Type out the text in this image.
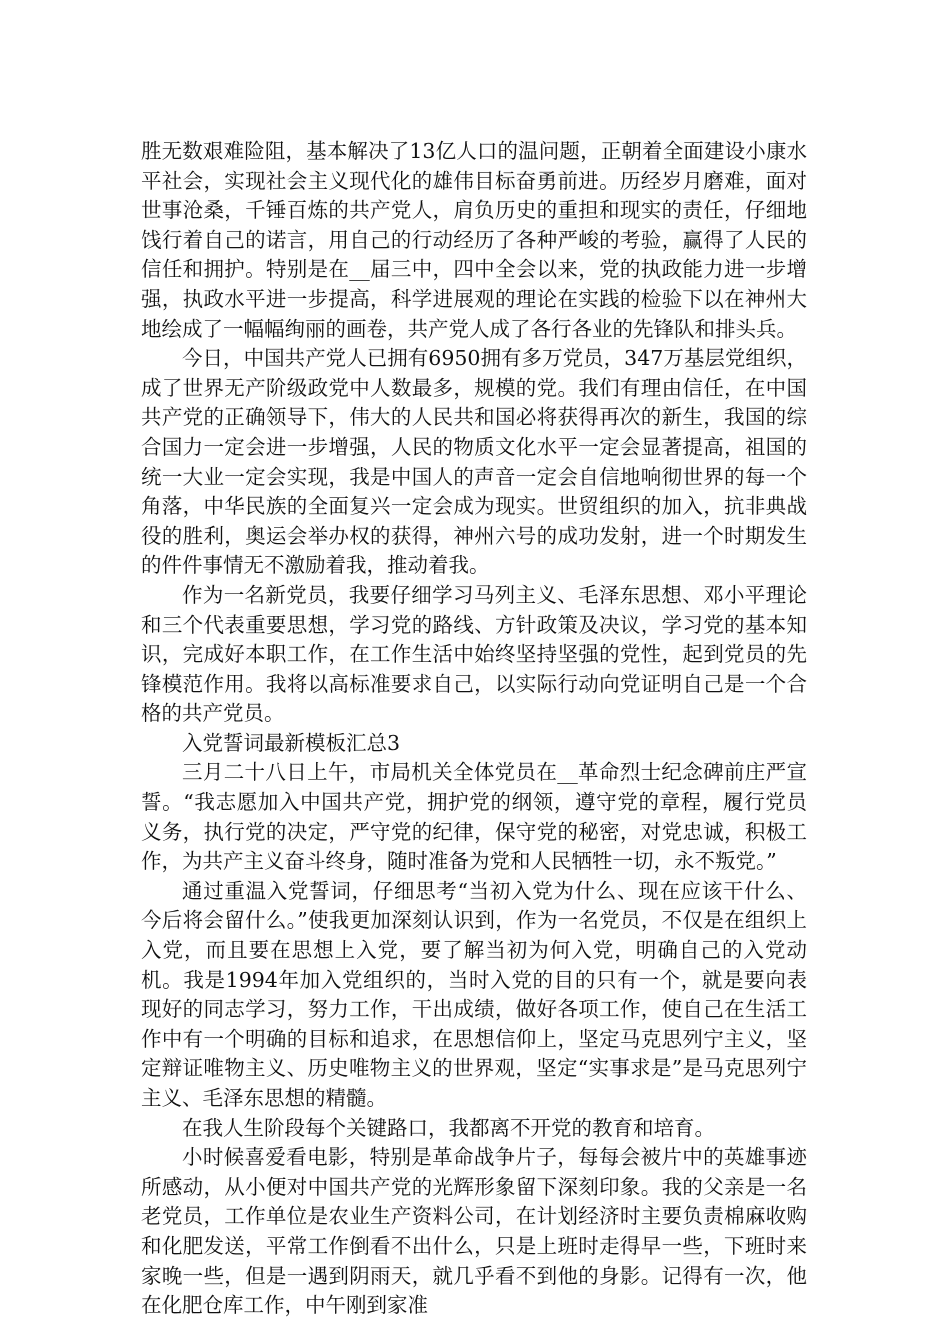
胜无数艰难险阻，基本解决了13亿人口的温问题，正朝着全面建设小康水平社会，实现社会主义现代化的雄伟目标奋勇前进。历经岁月磨难，面对世事沧桑，千锤百炼的共产党人，肩负历史的重担和现实的责任，仔细地饯行着自己的诺言，用自己的行动经历了各种严峻的考验，赢得了人民的信任和拥护。特别是在__届三中，四中全会以来，党的执政能力进一步增强，执政水平进一步提高，科学进展观的理论在实践的检验下以在神州大地绘成了一幅幅绚丽的画卷，共产党人成了各行各业的先锋队和排头兵。

今日，中国共产党人已拥有6950拥有多万党员，347万基层党组织，成了世界无产阶级政党中人数最多，规模的党。我们有理由信任，在中国共产党的正确领导下，伟大的人民共和国必将获得再次的新生，我国的综合国力一定会进一步增强，人民的物质文化水平一定会显著提高，祖国的统一大业一定会实现，我是中国人的声音一定会自信地响彻世界的每一个角落，中华民族的全面复兴一定会成为现实。世贸组织的加入，抗非典战役的胜利，奥运会举办权的获得，神州六号的成功发射，进一个时期发生的件件事情无不激励着我，推动着我。

作为一名新党员，我要仔细学习马列主义、毛泽东思想、邓小平理论和三个代表重要思想，学习党的路线、方针政策及决议，学习党的基本知识，完成好本职工作，在工作生活中始终坚持坚强的党性，起到党员的先锋模范作用。我将以高标准要求自己，以实际行动向党证明自己是一个合格的共产党员。

入党誓词最新模板汇总3

三月二十八日上午，市局机关全体党员在__革命烈士纪念碑前庄严宣誓。“我志愿加入中国共产党，拥护党的纲领，遵守党的章程，履行党员义务，执行党的决定，严守党的纪律，保守党的秘密，对党忠诚，积极工作，为共产主义奋斗终身，随时准备为党和人民牺牲一切，永不叛党。”

通过重温入党誓词，仔细思考“当初入党为什么、现在应该干什么、今后将会留什么。”使我更加深刻认识到，作为一名党员，不仅是在组织上入党，而且要在思想上入党，要了解当初为何入党，明确自己的入党动机。我是1994年加入党组织的，当时入党的目的只有一个，就是要向表现好的同志学习，努力工作，干出成绩，做好各项工作，使自己在生活工作中有一个明确的目标和追求，在思想信仰上，坚定马克思列宁主义，坚定辩证唯物主义、历史唯物主义的世界观，坚定“实事求是”是马克思列宁主义、毛泽东思想的精髓。

在我人生阶段每个关键路口，我都离不开党的教育和培育。

小时候喜爱看电影，特别是革命战争片子，每每会被片中的英雄事迹所感动，从小便对中国共产党的光辉形象留下深刻印象。我的父亲是一名老党员，工作单位是农业生产资料公司，在计划经济时主要负责棉麻收购和化肥发送，平常工作倒看不出什么，只是上班时走得早一些，下班时来家晚一些，但是一遇到阴雨天，就几乎看不到他的身影。记得有一次，他在化肥仓库工作，中午刚到家准
